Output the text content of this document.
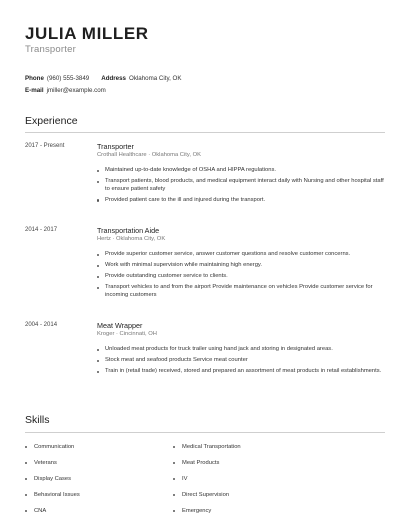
JULIA MILLER
Transporter
Phone (960) 555-3849 Address Oklahoma City, OK
E-mail jmiller@example.com
Experience
2017 - Present	Transporter
Crothall Healthcare · Oklahoma City, OK
Maintained up-to-date knowledge of OSHA and HIPPA regulations.
Transport patients, blood products, and medical equipment interact daily with Nursing and other hospital staff to ensure patient safety
Provided patient care to the ill and injured during the transport.
2014 - 2017	Transportation Aide
Hertz · Oklahoma City, OK
Provide superior customer service, answer customer questions and resolve customer concerns.
Work with minimal supervision while maintaining high energy.
Provide outstanding customer service to clients.
Transport vehicles to and from the airport Provide maintenance on vehicles Provide customer service for incoming customers
2004 - 2014	Meat Wrapper
Kroger · Cincinnati, OH
Unloaded meat products for truck trailer using hand jack and storing in designated areas.
Stock meat and seafood products Service meat counter
Train in (retail trade) received, stored and prepared an assortment of meat products in retail establishments.
Skills
Communication
Veterans
Display Cases
Behavioral Issues
CNA
Medical Transportation
Meat Products
IV
Direct Supervision
Emergency
